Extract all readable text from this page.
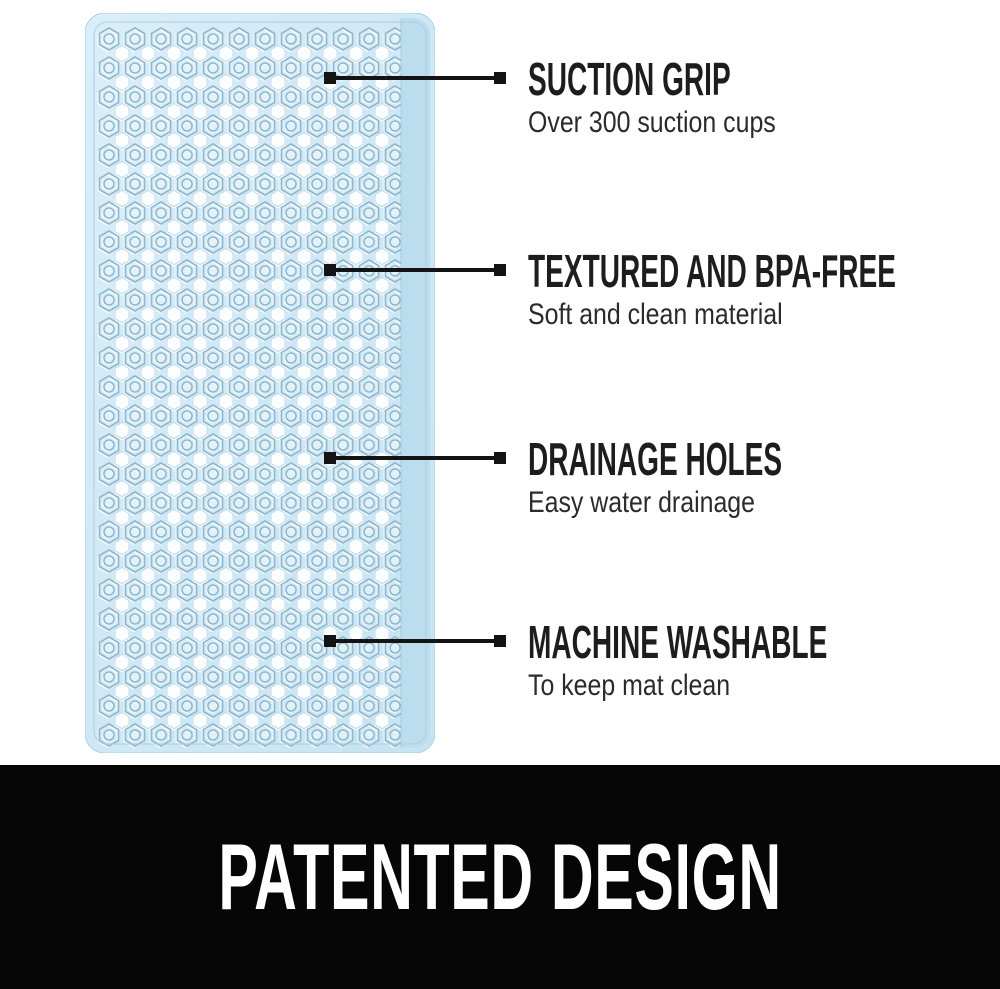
SUCTION GRIP

Over 300 suction cups

TEXTURED AND BPA-FREE

Soft and clean material

DRAINAGE HOLES

Easy water drainage

MACHINE WASHABLE

To keep mat clean

PATENTED DESIGN
